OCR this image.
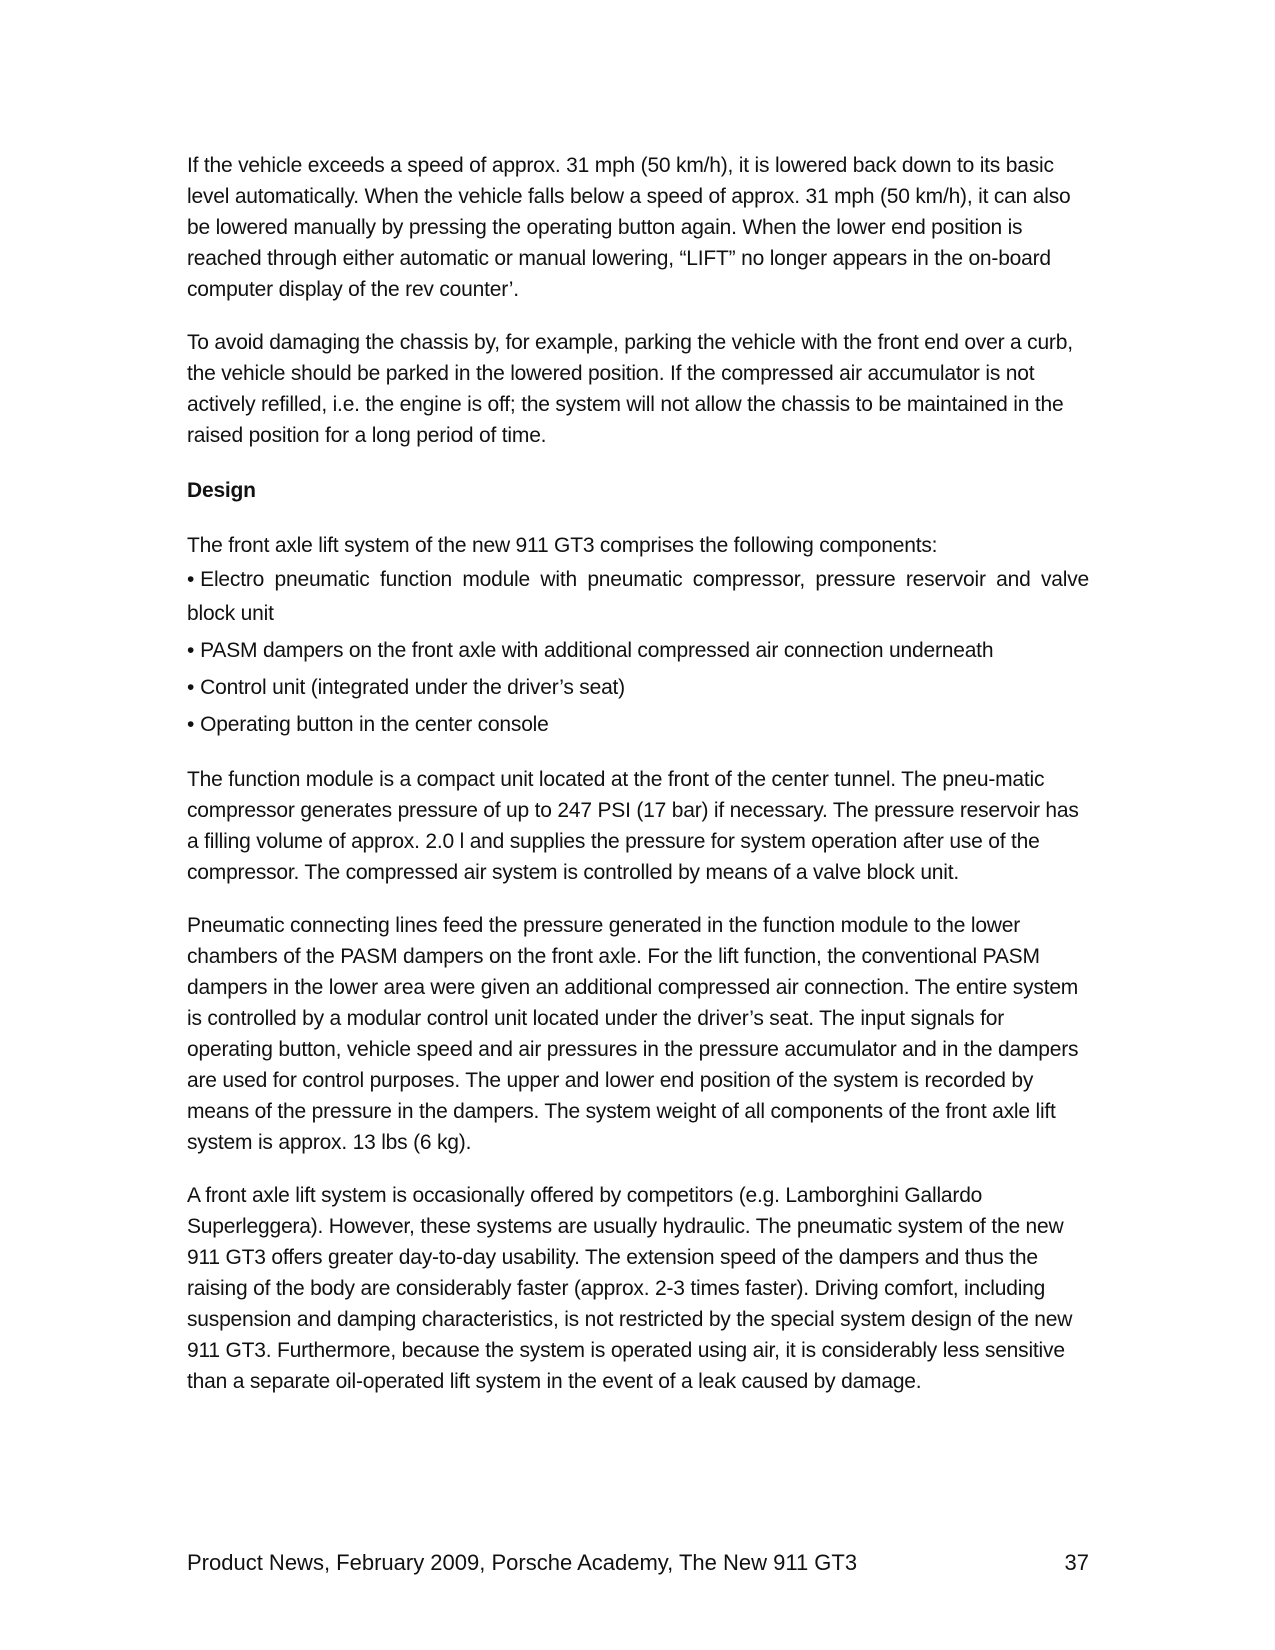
If the vehicle exceeds a speed of approx. 31 mph (50 km/h), it is lowered back down to its basic level automatically. When the vehicle falls below a speed of approx. 31 mph (50 km/h), it can also be lowered manually by pressing the operating button again. When the lower end position is reached through either automatic or manual lowering, “LIFT” no longer appears in the on-board computer display of the rev counter’.

To avoid damaging the chassis by, for example, parking the vehicle with the front end over a curb, the vehicle should be parked in the lowered position. If the compressed air accumulator is not actively refilled, i.e. the engine is off; the system will not allow the chassis to be maintained in the raised position for a long period of time.

Design
The front axle lift system of the new 911 GT3 comprises the following components:
• Electro pneumatic function module with pneumatic compressor, pressure reservoir and valve block unit
• PASM dampers on the front axle with additional compressed air connection underneath
• Control unit (integrated under the driver’s seat)
• Operating button in the center console

The function module is a compact unit located at the front of the center tunnel. The pneu-matic compressor generates pressure of up to 247 PSI (17 bar) if necessary. The pressure reservoir has a filling volume of approx. 2.0 l and supplies the pressure for system operation after use of the compressor. The compressed air system is controlled by means of a valve block unit.

Pneumatic connecting lines feed the pressure generated in the function module to the lower chambers of the PASM dampers on the front axle. For the lift function, the conventional PASM dampers in the lower area were given an additional compressed air connection. The entire system is controlled by a modular control unit located under the driver’s seat. The input signals for operating button, vehicle speed and air pressures in the pressure accumulator and in the dampers are used for control purposes. The upper and lower end position of the system is recorded by means of the pressure in the dampers. The system weight of all components of the front axle lift system is approx. 13 lbs (6 kg).

A front axle lift system is occasionally offered by competitors (e.g. Lamborghini Gallardo Superleggera). However, these systems are usually hydraulic. The pneumatic system of the new 911 GT3 offers greater day-to-day usability. The extension speed of the dampers and thus the raising of the body are considerably faster (approx. 2-3 times faster). Driving comfort, including suspension and damping characteristics, is not restricted by the special system design of the new 911 GT3. Furthermore, because the system is operated using air, it is considerably less sensitive than a separate oil-operated lift system in the event of a leak caused by damage.

Product News, February 2009, Porsche Academy, The New 911 GT3	37
